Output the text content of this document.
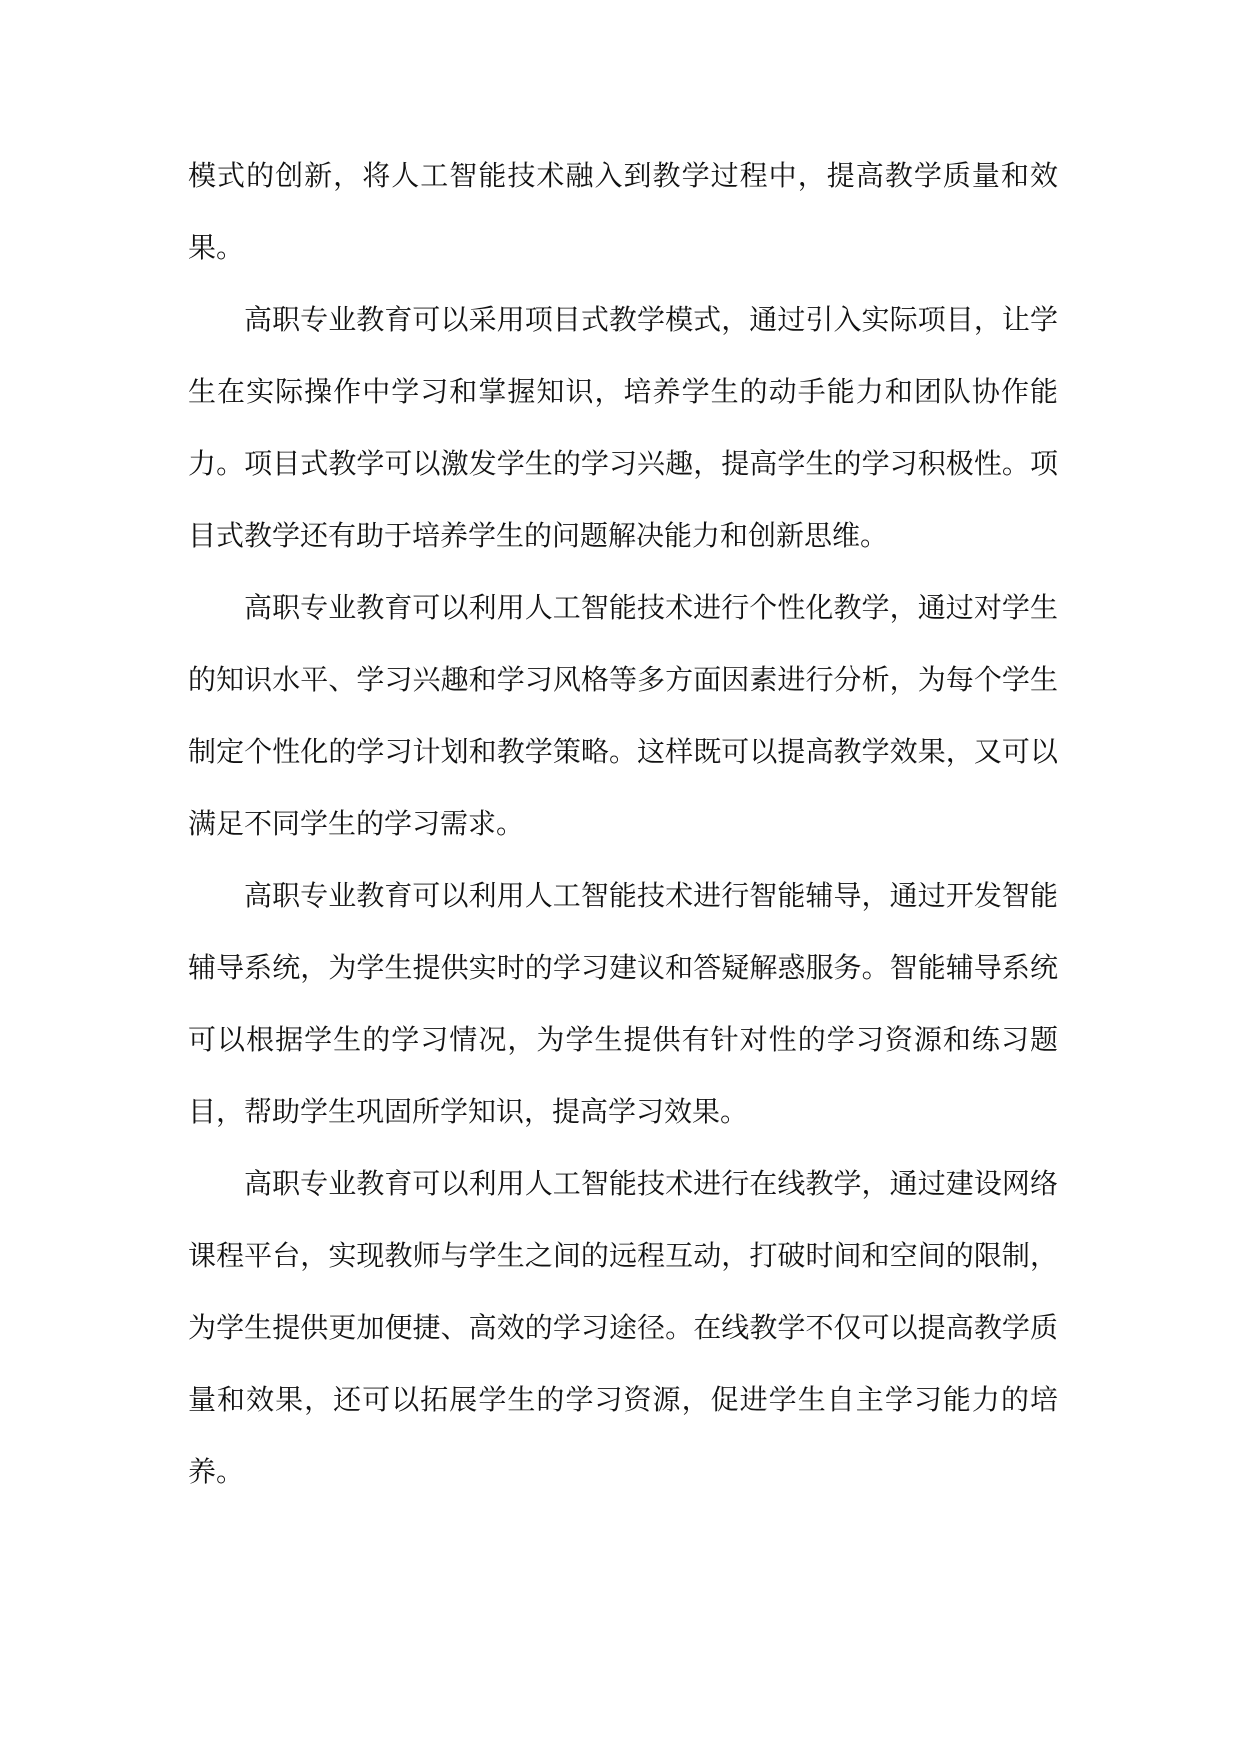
模式的创新，将人工智能技术融入到教学过程中，提高教学质量和效果。

高职专业教育可以采用项目式教学模式，通过引入实际项目，让学生在实际操作中学习和掌握知识，培养学生的动手能力和团队协作能力。项目式教学可以激发学生的学习兴趣，提高学生的学习积极性。项目式教学还有助于培养学生的问题解决能力和创新思维。

高职专业教育可以利用人工智能技术进行个性化教学，通过对学生的知识水平、学习兴趣和学习风格等多方面因素进行分析，为每个学生制定个性化的学习计划和教学策略。这样既可以提高教学效果，又可以满足不同学生的学习需求。

高职专业教育可以利用人工智能技术进行智能辅导，通过开发智能辅导系统，为学生提供实时的学习建议和答疑解惑服务。智能辅导系统可以根据学生的学习情况，为学生提供有针对性的学习资源和练习题目，帮助学生巩固所学知识，提高学习效果。

高职专业教育可以利用人工智能技术进行在线教学，通过建设网络课程平台，实现教师与学生之间的远程互动，打破时间和空间的限制，为学生提供更加便捷、高效的学习途径。在线教学不仅可以提高教学质量和效果，还可以拓展学生的学习资源，促进学生自主学习能力的培养。
